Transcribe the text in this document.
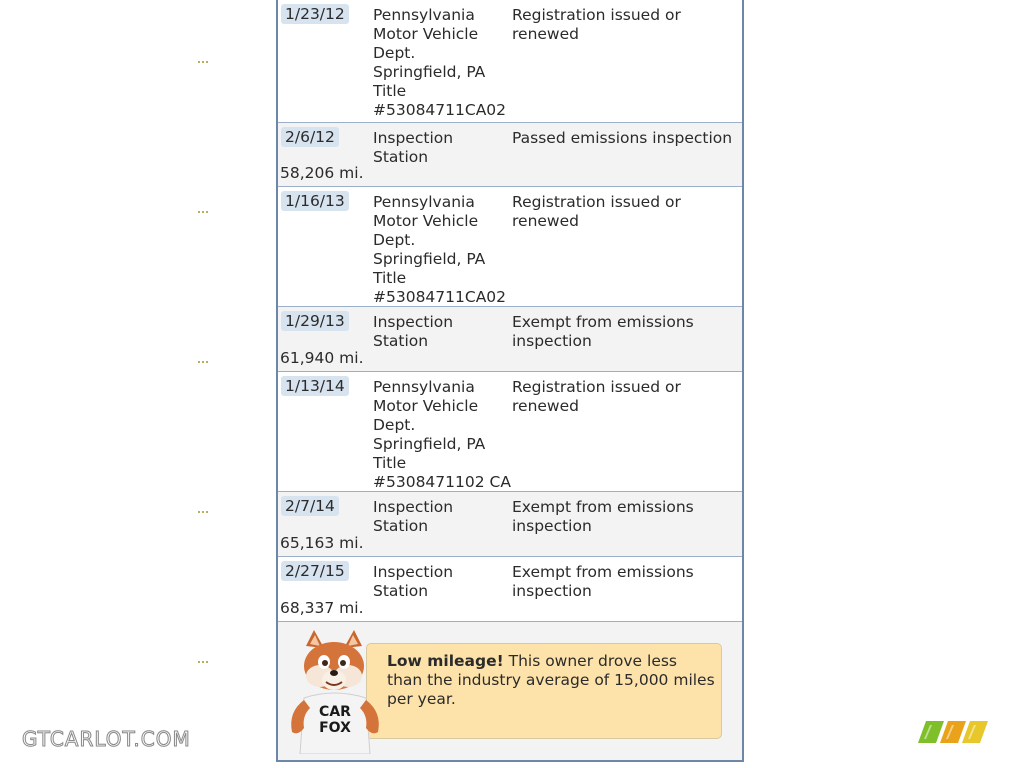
1/23/12 Pennsylvania
Motor Vehicle
Dept.
Springfield, PA
Title
#53084711CA02
Registration issued or renewed
2/6/12 Inspection Station
Passed emissions inspection
58,206 mi.
1/16/13 Pennsylvania
Motor Vehicle
Dept.
Springfield, PA
Title
#53084711CA02
Registration issued or renewed
1/29/13 Inspection Station
Exempt from emissions
inspection
61,940 mi.
1/13/14 Pennsylvania
Motor Vehicle
Dept.
Springfield, PA
Title
#5308471102 CA
Registration issued or renewed
2/7/14 Inspection Station
Exempt from emissions
inspection
65,163 mi.
2/27/15 Inspection Station
Exempt from emissions
inspection
68,337 mi.
Low mileage! This owner drove less than the industry average of 15,000 miles per year.
CAR
FOX
GTCARLOT.COM
